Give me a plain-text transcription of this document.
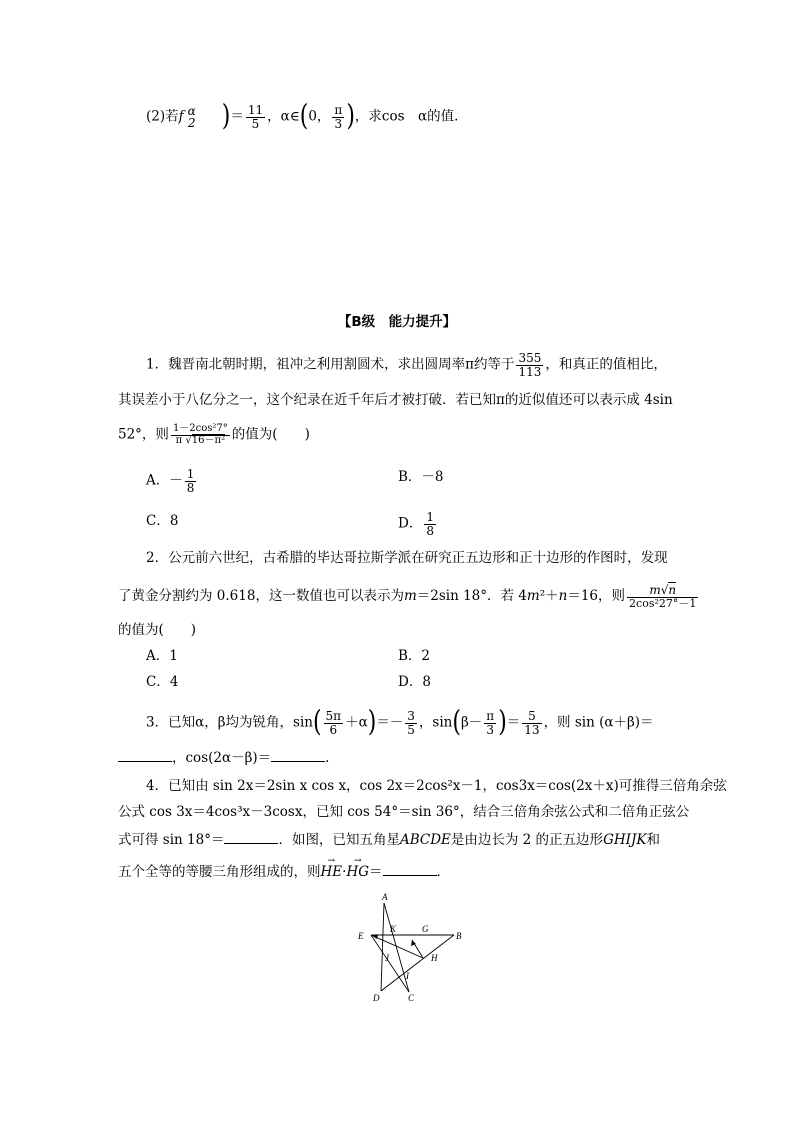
(2)若f α
2 )＝ $\frac{11}{5}$ ，α∈(0， $\frac{\pi}{3}$ )，求cos　α的值.
【B级　能力提升】
1．魏晋南北朝时期，祖冲之利用割圆术，求出圆周率π约等于 $\frac{355}{113}$ ，和真正的值相比，
其误差小于八亿分之一，这个纪录在近千年后才被打破．若已知π的近似值还可以表示成 4sin
52°，则 $\frac{\text{1－2cos²7°}}{\text{π √16－π²}}$ 的值为(　　)
A．－ $\frac{1}{8}$	B．－8
C．8	D． $\frac{1}{8}$
2．公元前六世纪，古希腊的毕达哥拉斯学派在研究正五边形和正十边形的作图时，发现
了黄金分割约为 0.618，这一数值也可以表示为m＝2sin 18°．若 4m²＋n＝16，则 $\frac{m√n}{\text{2cos²27°－1}}$
的值为(　　)
A．1	B．2
C．4	D．8
3．已知α，β均为锐角，$\sin( \frac{5\pi}{6} +\alpha)=- \frac{3}{5}$ ，$\sin(\beta- \frac{\pi}{3}$ )＝ $\frac{5}{13}$ ，则 sin (α＋β)＝
，cos(2α－β)＝	.
4．已知由 sin 2x＝2sin x cos x，cos 2x＝2cos²x－1，cos3x＝cos(2x＋x)可推得三倍角余弦
公式 cos 3x＝4cos³x－3cosx，已知 cos 54°＝sin 36°，结合三倍角余弦公式和二倍角正弦公
式可得 sin 18°＝	．如图，已知五角星ABCDE是由边长为 2 的正五边形GHIJK和
五个全等的等腰三角形组成的，则→ HE·→ HG＝	．
A
B
C
D
E
G
H
I
J
K
